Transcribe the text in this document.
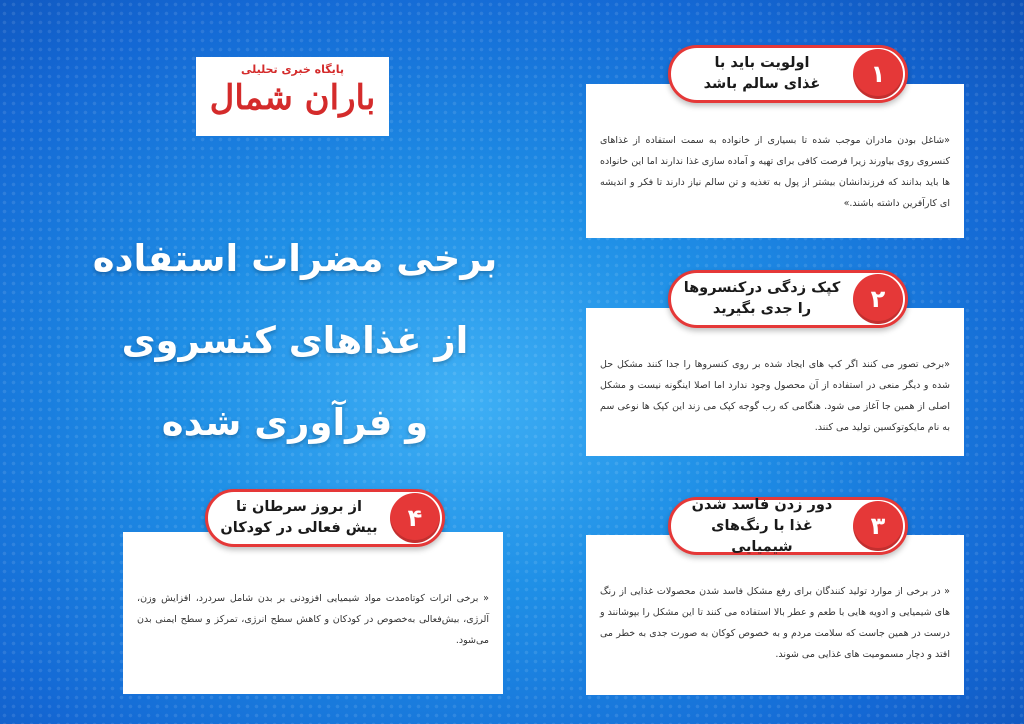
پایگاه خبری تحلیلی
باران شمال
برخی مضرات استفاده
از غذاهای کنسروی
و فرآوری شده

«شاغل بودن مادران موجب شده تا بسیاری از خانواده به سمت استفاده از غذاهای کنسروی روی بیاورند زیرا فرصت کافی برای تهیه و آماده سازی غذا ندارند اما این خانواده ها باید بدانند که فرزندانشان بیشتر از پول به تغذیه و تن سالم نیاز دارند تا فکر و اندیشه ای کارآفرین داشته باشند.»

۱
اولویت باید با
غذای سالم باشد

«برخی تصور می کنند اگر کپ های ایجاد شده بر روی کنسروها را جدا کنند مشکل حل شده و دیگر منعی در استفاده از آن محصول وجود ندارد اما اصلا اینگونه نیست و مشکل اصلی از همین جا آغاز می شود. هنگامی که رب گوجه کپک می زند این کپک ها نوعی سم به نام مایکوتوکسین تولید می کنند.

۲
کپک زدگی درکنسروها
را جدی بگیرید

« در برخی از موارد تولید کنندگان برای رفع مشکل فاسد شدن محصولات غذایی از رنگ های شیمیایی و ادویه هایی با طعم و عطر بالا استفاده می کنند تا این مشکل را بپوشانند و درست در همین جاست که سلامت مردم و به خصوص کوکان به صورت جدی به خطر می افتد و دچار مسمومیت های غذایی می شوند.

۳
دور زدن فاسد شدن
غذا با رنگ‌های شیمیایی

« برخی اثرات کوتاه‌مدت مواد شیمیایی افزودنی بر بدن شامل سردرد، افزایش وزن، آلرژی، بیش‌فعالی به‌خصوص در کودکان و کاهش سطح انرژی، تمرکز و سطح ایمنی بدن می‌شود.

۴
از بروز سرطان تا
بیش فعالی در کودکان
